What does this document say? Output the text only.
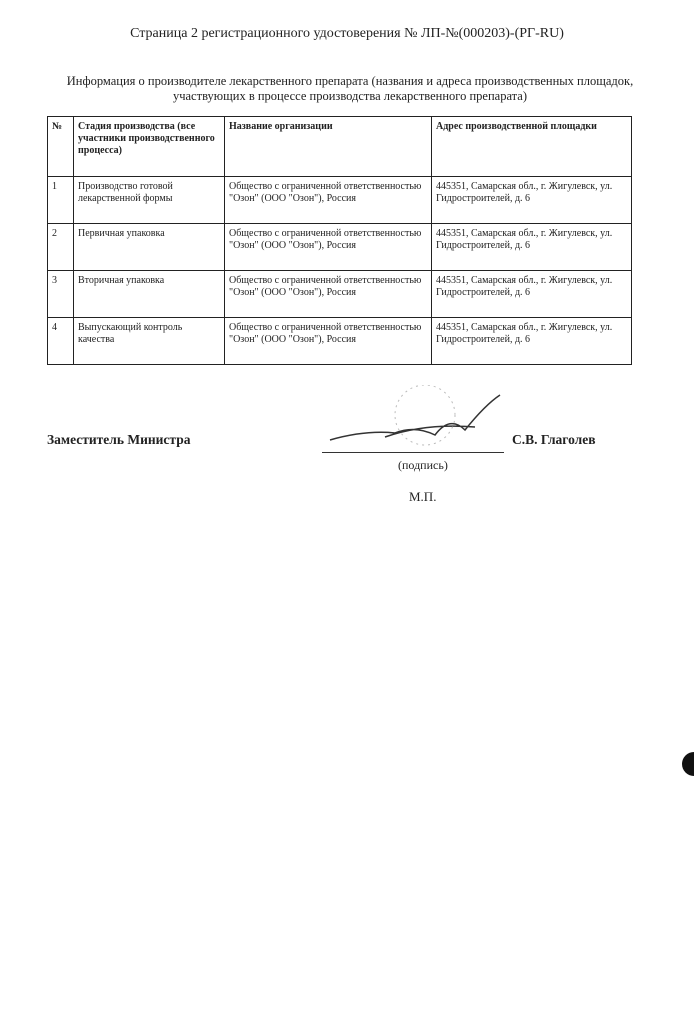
Страница 2 регистрационного удостоверения № ЛП-№(000203)-(РГ-RU)
Информация о производителе лекарственного препарата (названия и адреса производственных площадок, участвующих в процессе производства лекарственного препарата)
№	Стадия производства (все участники производственного процесса)	Название организации	Адрес производственной площадки
1	Производство готовой лекарственной формы	Общество с ограниченной ответственностью "Озон" (ООО "Озон"), Россия	445351, Самарская обл., г. Жигулевск, ул. Гидростроителей, д. 6
2	Первичная упаковка	Общество с ограниченной ответственностью "Озон" (ООО "Озон"), Россия	445351, Самарская обл., г. Жигулевск, ул. Гидростроителей, д. 6
3	Вторичная упаковка	Общество с ограниченной ответственностью "Озон" (ООО "Озон"), Россия	445351, Самарская обл., г. Жигулевск, ул. Гидростроителей, д. 6
4	Выпускающий контроль качества	Общество с ограниченной ответственностью "Озон" (ООО "Озон"), Россия	445351, Самарская обл., г. Жигулевск, ул. Гидростроителей, д. 6
Заместитель Министра	С.В. Глаголев
(подпись)
М.П.
